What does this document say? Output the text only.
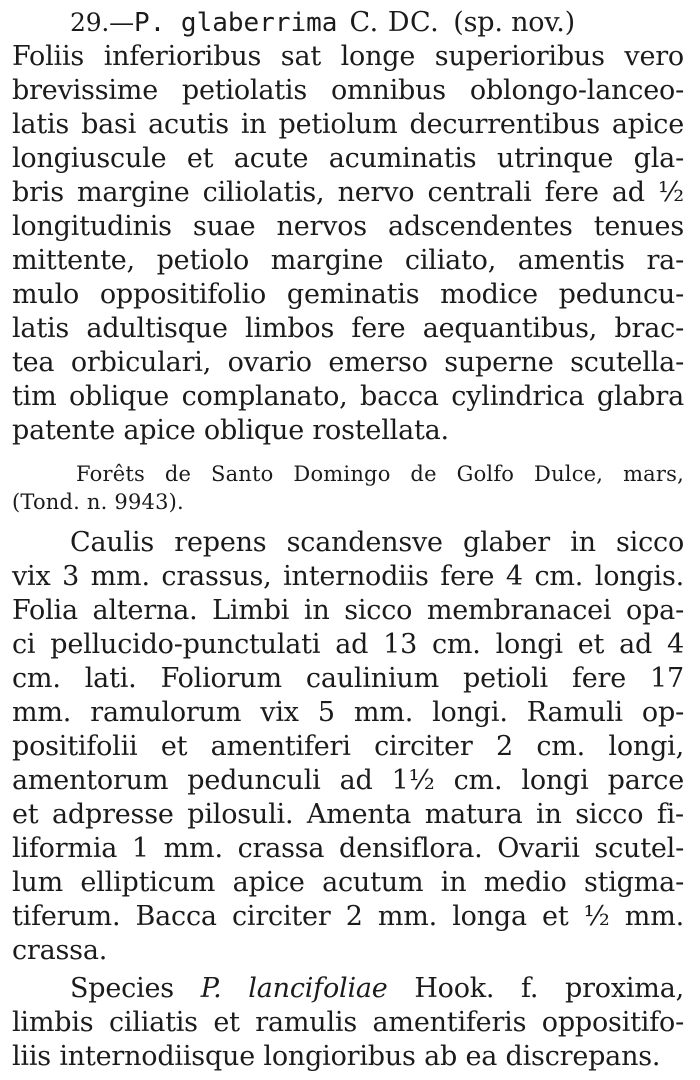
29.—P. glaberrima C. DC. (sp. nov.)
Foliis inferioribus sat longe superioribus vero
brevissime petiolatis omnibus oblongo-lanceo-
latis basi acutis in petiolum decurrentibus apice
longiuscule et acute acuminatis utrinque gla-
bris margine ciliolatis, nervo centrali fere ad ½
longitudinis suae nervos adscendentes tenues
mittente, petiolo margine ciliato, amentis ra-
mulo oppositifolio geminatis modice peduncu-
latis adultisque limbos fere aequantibus, brac-
tea orbiculari, ovario emerso superne scutella-
tim oblique complanato, bacca cylindrica glabra
patente apice oblique rostellata.
Forêts de Santo Domingo de Golfo Dulce, mars,
(Tond. n. 9943).
Caulis repens scandensve glaber in sicco
vix 3 mm. crassus, internodiis fere 4 cm. longis.
Folia alterna. Limbi in sicco membranacei opa-
ci pellucido-punctulati ad 13 cm. longi et ad 4
cm. lati. Foliorum caulinium petioli fere 17
mm. ramulorum vix 5 mm. longi. Ramuli op-
positifolii et amentiferi circiter 2 cm. longi,
amentorum pedunculi ad 1½ cm. longi parce
et adpresse pilosuli. Amenta matura in sicco fi-
liformia 1 mm. crassa densiflora. Ovarii scutel-
lum ellipticum apice acutum in medio stigma-
tiferum. Bacca circiter 2 mm. longa et ½ mm.
crassa.
Species P. lancifoliae Hook. f. proxima,
limbis ciliatis et ramulis amentiferis oppositifo-
liis internodiisque longioribus ab ea discrepans.
